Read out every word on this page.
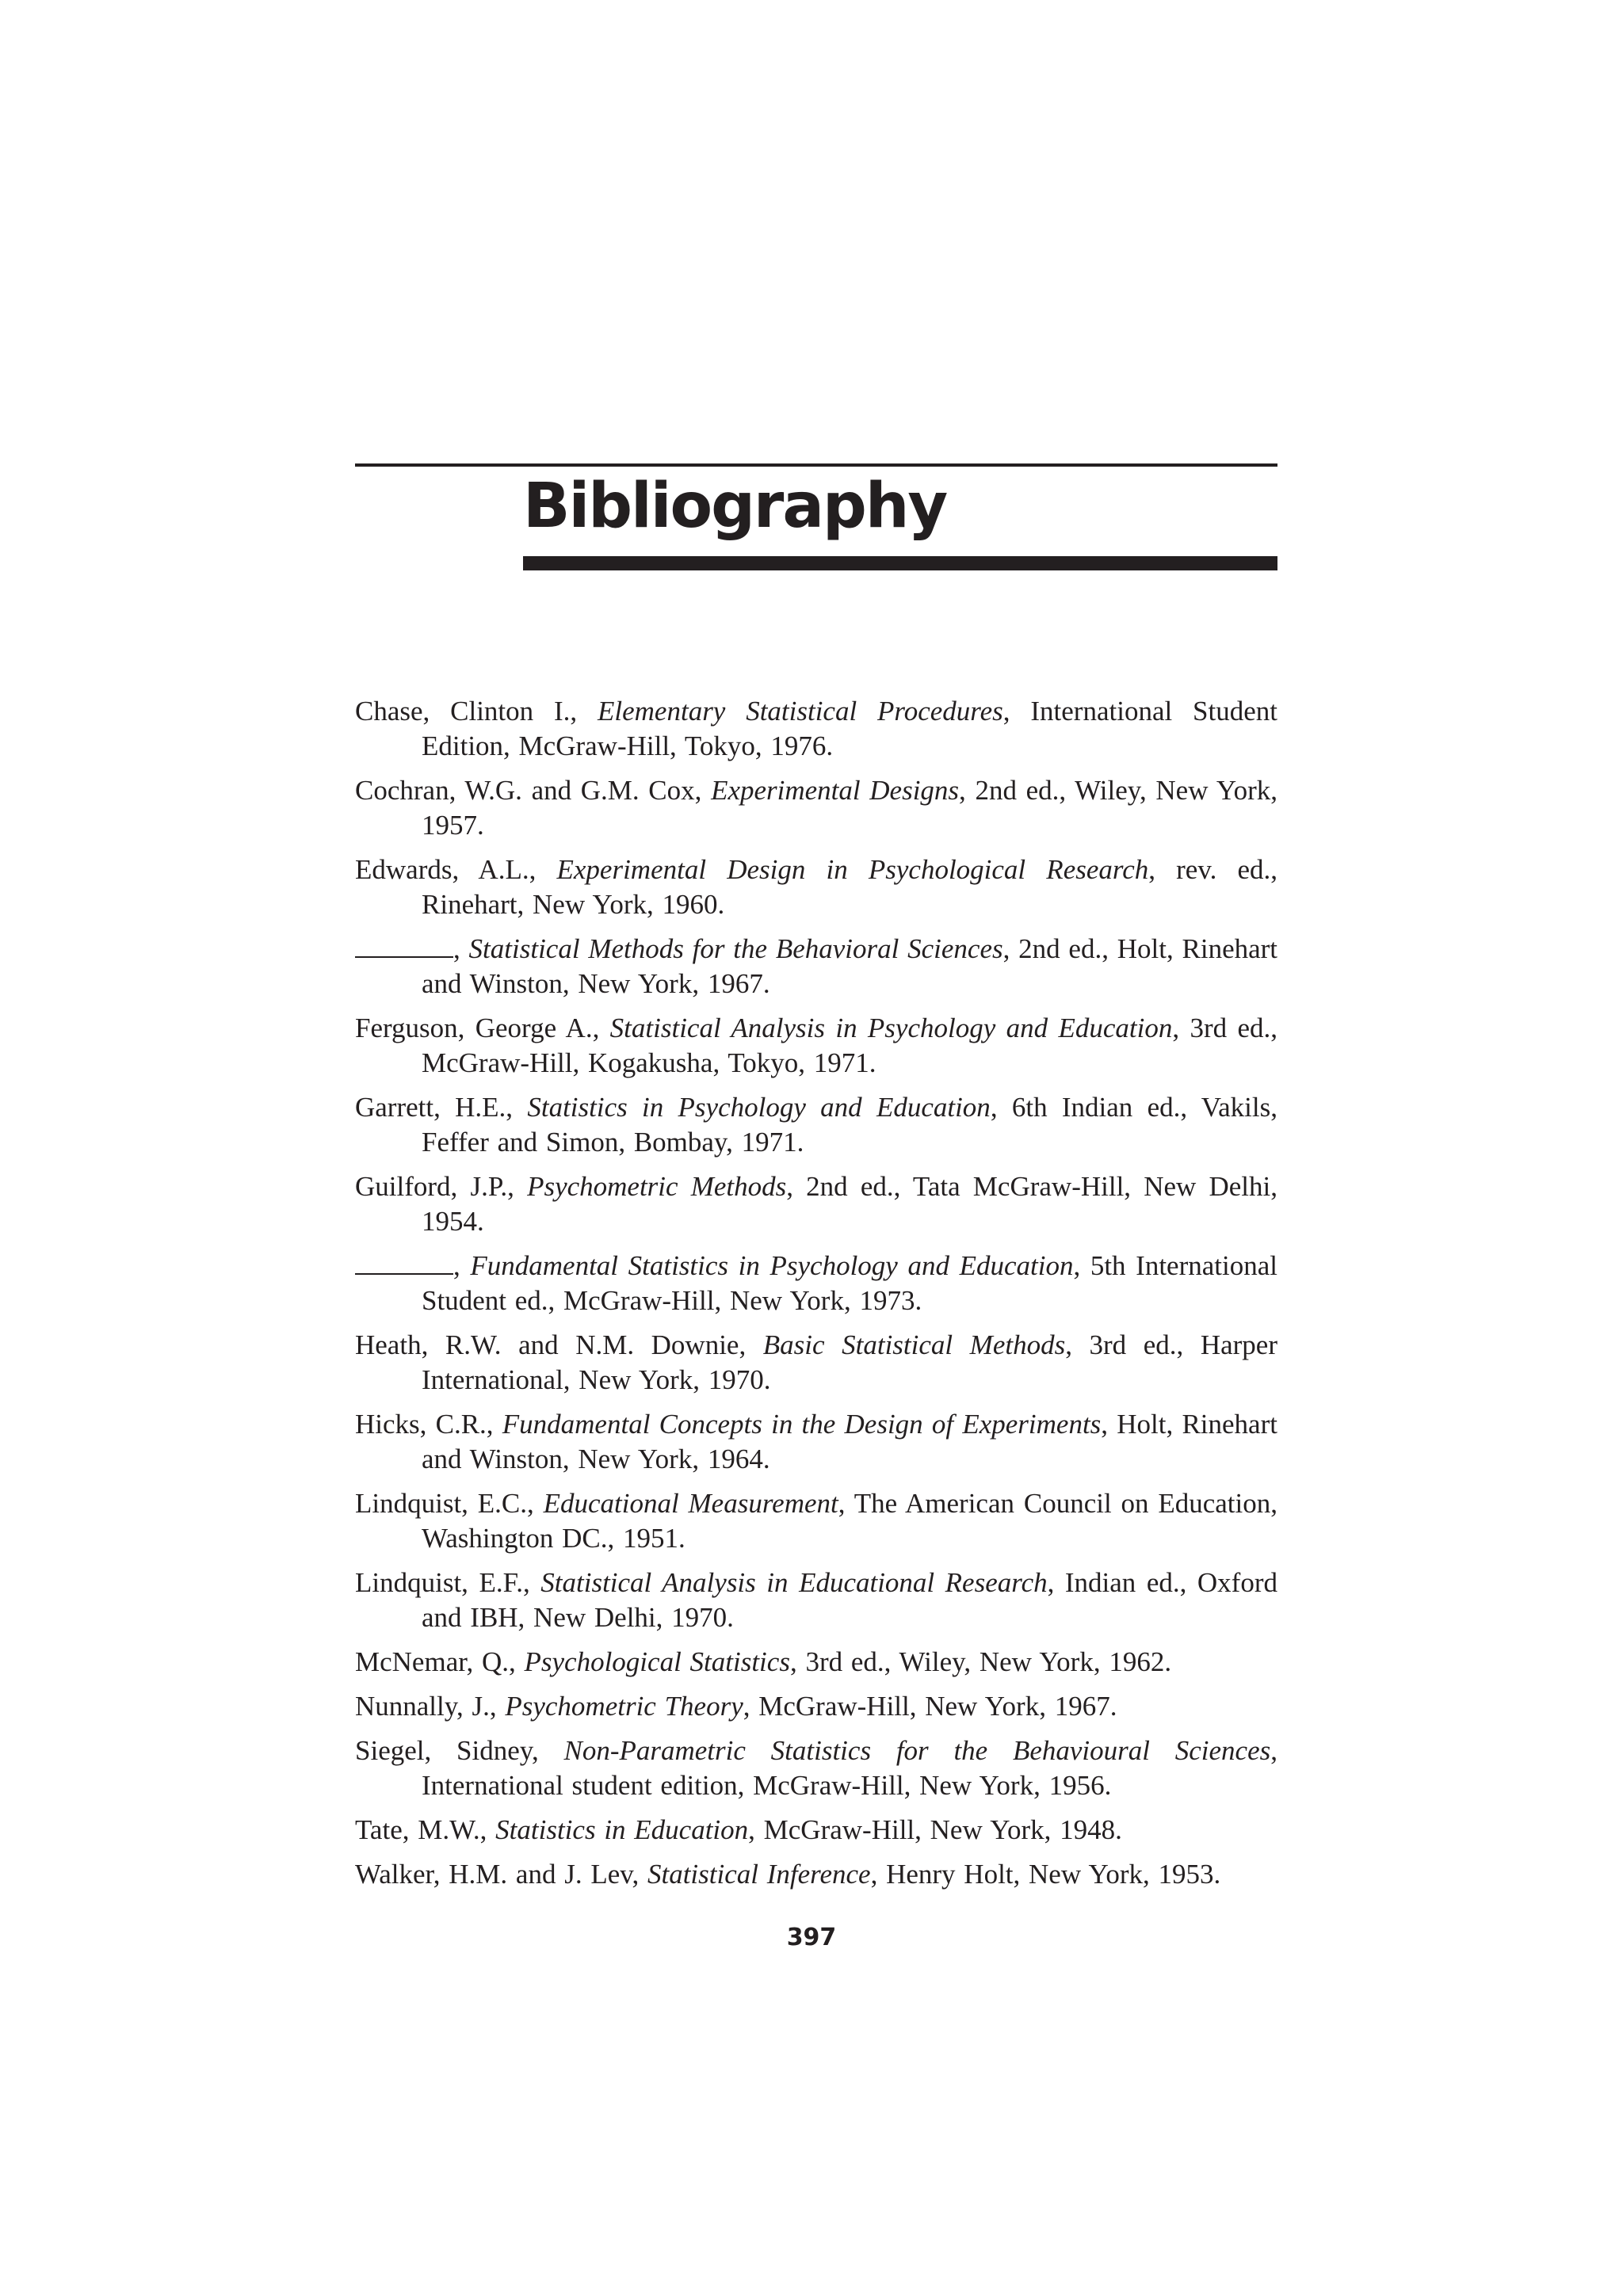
Bibliography
Chase, Clinton I., Elementary Statistical Procedures, International Student Edition, McGraw-Hill, Tokyo, 1976.
Cochran, W.G. and G.M. Cox, Experimental Designs, 2nd ed., Wiley, New York, 1957.
Edwards, A.L., Experimental Design in Psychological Research, rev. ed., Rinehart, New York, 1960.
, Statistical Methods for the Behavioral Sciences, 2nd ed., Holt, Rinehart and Winston, New York, 1967.
Ferguson, George A., Statistical Analysis in Psychology and Education, 3rd ed., McGraw-Hill, Kogakusha, Tokyo, 1971.
Garrett, H.E., Statistics in Psychology and Education, 6th Indian ed., Vakils, Feffer and Simon, Bombay, 1971.
Guilford, J.P., Psychometric Methods, 2nd ed., Tata McGraw-Hill, New Delhi, 1954.
, Fundamental Statistics in Psychology and Education, 5th International Student ed., McGraw-Hill, New York, 1973.
Heath, R.W. and N.M. Downie, Basic Statistical Methods, 3rd ed., Harper International, New York, 1970.
Hicks, C.R., Fundamental Concepts in the Design of Experiments, Holt, Rinehart and Winston, New York, 1964.
Lindquist, E.C., Educational Measurement, The American Council on Education, Washington DC., 1951.
Lindquist, E.F., Statistical Analysis in Educational Research, Indian ed., Oxford and IBH, New Delhi, 1970.
McNemar, Q., Psychological Statistics, 3rd ed., Wiley, New York, 1962.
Nunnally, J., Psychometric Theory, McGraw-Hill, New York, 1967.
Siegel, Sidney, Non-Parametric Statistics for the Behavioural Sciences, International student edition, McGraw-Hill, New York, 1956.
Tate, M.W., Statistics in Education, McGraw-Hill, New York, 1948.
Walker, H.M. and J. Lev, Statistical Inference, Henry Holt, New York, 1953.
397
